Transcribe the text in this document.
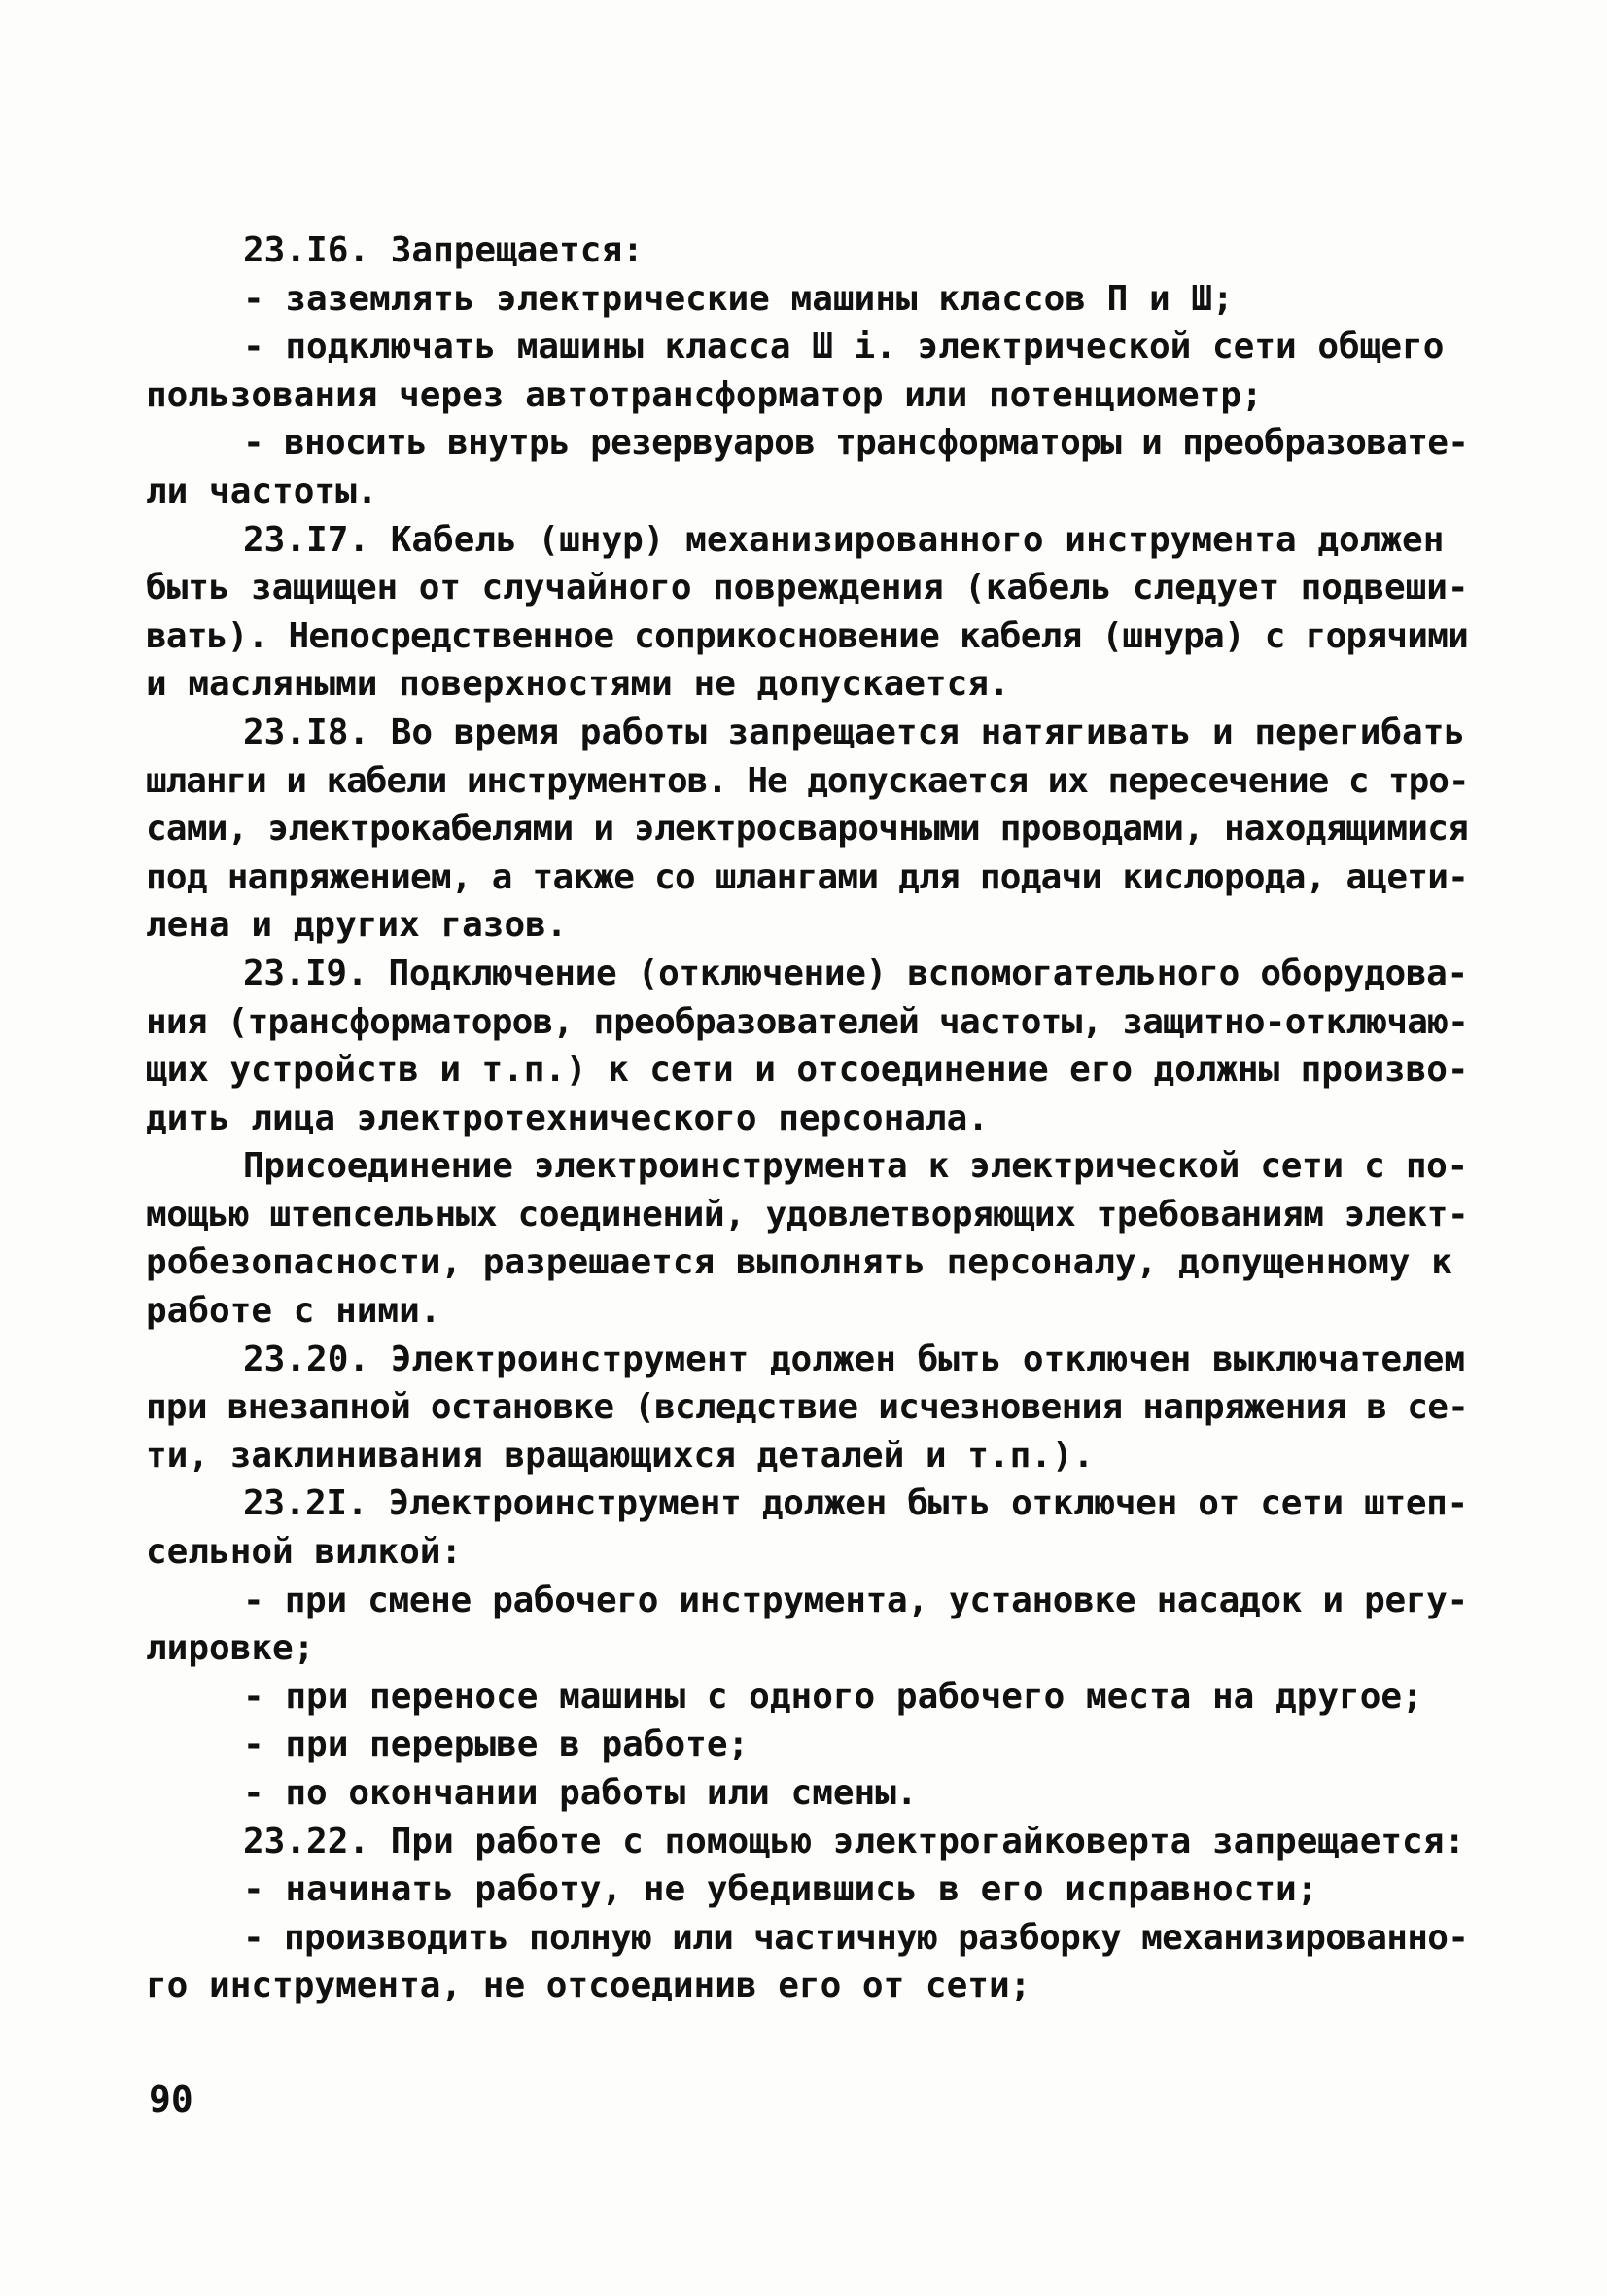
23.I6. Запрещается:
- заземлять электрические машины классов П и Ш;
- подключать машины класса Ш i. электрической сети общего
пользования через автотрансформатор или потенциометр;
- вносить внутрь резервуаров трансформаторы и преобразовате-
ли частоты.
23.I7. Кабель (шнур) механизированного инструмента должен
быть защищен от случайного повреждения (кабель следует подвеши-
вать). Непосредственное соприкосновение кабеля (шнура) с горячими
и масляными поверхностями не допускается.
23.I8. Во время работы запрещается натягивать и перегибать
шланги и кабели инструментов. Не допускается их пересечение с тро-
сами, электрокабелями и электросварочными проводами, находящимися
под напряжением, а также со шлангами для подачи кислорода, ацети-
лена и других газов.
23.I9. Подключение (отключение) вспомогательного оборудова-
ния (трансформаторов, преобразователей частоты, защитно-отключаю-
щих устройств и т.п.) к сети и отсоединение его должны произво-
дить лица электротехнического персонала.
Присоединение электроинструмента к электрической сети с по-
мощью штепсельных соединений, удовлетворяющих требованиям элект-
робезопасности, разрешается выполнять персоналу, допущенному к
работе с ними.
23.20. Электроинструмент должен быть отключен выключателем
при внезапной остановке (вследствие исчезновения напряжения в се-
ти, заклинивания вращающихся деталей и т.п.).
23.2I. Электроинструмент должен быть отключен от сети штеп-
сельной вилкой:
- при смене рабочего инструмента, установке насадок и регу-
лировке;
- при переносе машины с одного рабочего места на другое;
- при перерыве в работе;
- по окончании работы или смены.
23.22. При работе с помощью электрогайковерта запрещается:
- начинать работу, не убедившись в его исправности;
- производить полную или частичную разборку механизированно-
го инструмента, не отсоединив его от сети;
90
